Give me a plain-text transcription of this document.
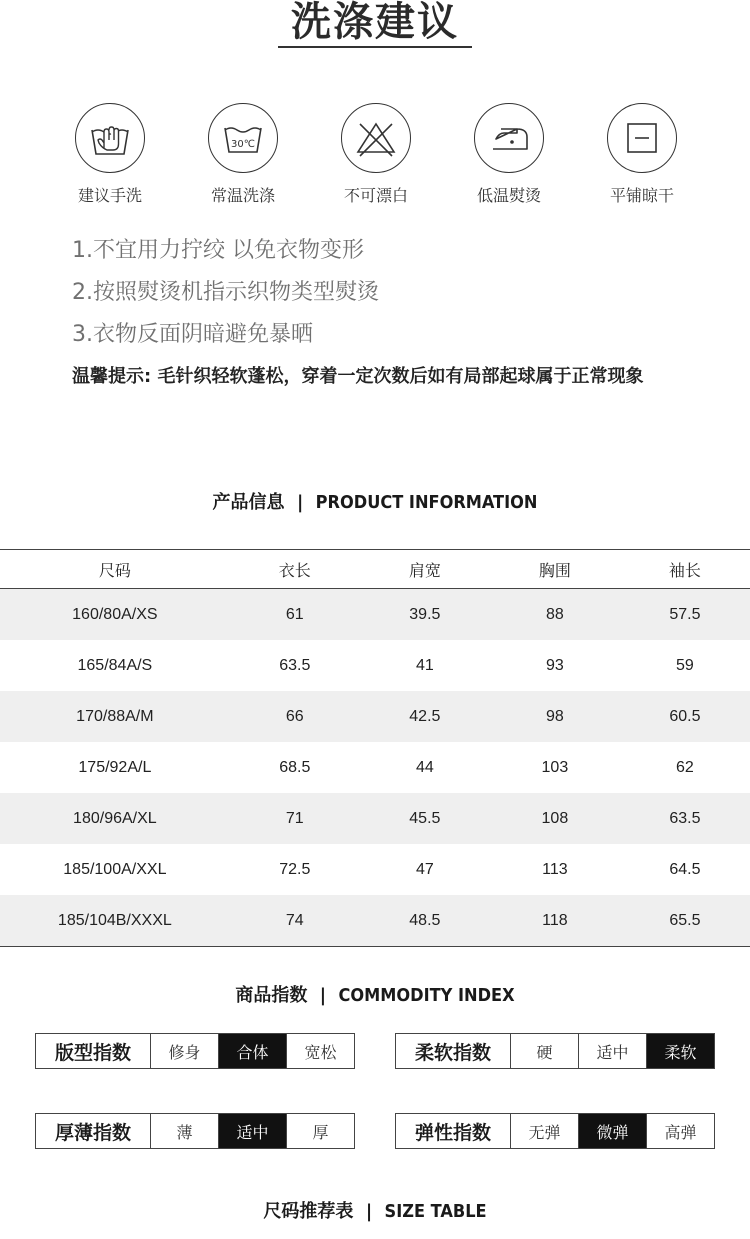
洗涤建议
建议手洗
30℃
常温洗涤	不可漂白	低温熨烫	平铺晾干
1.不宜用力拧绞 以免衣物变形
2.按照熨烫机指示织物类型熨烫
3.衣物反面阴暗避免暴晒
温馨提示: 毛针织轻软蓬松，穿着一定次数后如有局部起球属于正常现象
产品信息 | PRODUCT INFORMATION
尺码	衣长	肩宽	胸围	袖长
160/80A/XS	61	39.5	88	57.5
165/84A/S	63.5	41	93	59
170/88A/M	66	42.5	98	60.5
175/92A/L	68.5	44	103	62
180/96A/XL	71	45.5	108	63.5
185/100A/XXL	72.5	47	113	64.5
185/104B/XXXL	74	48.5	118	65.5
商品指数 | COMMODITY INDEX
版型指数	修身	合体	宽松	柔软指数	硬	适中	柔软
厚薄指数	薄	适中	厚	弹性指数	无弹	微弹	高弹
尺码推荐表 | SIZE TABLE
